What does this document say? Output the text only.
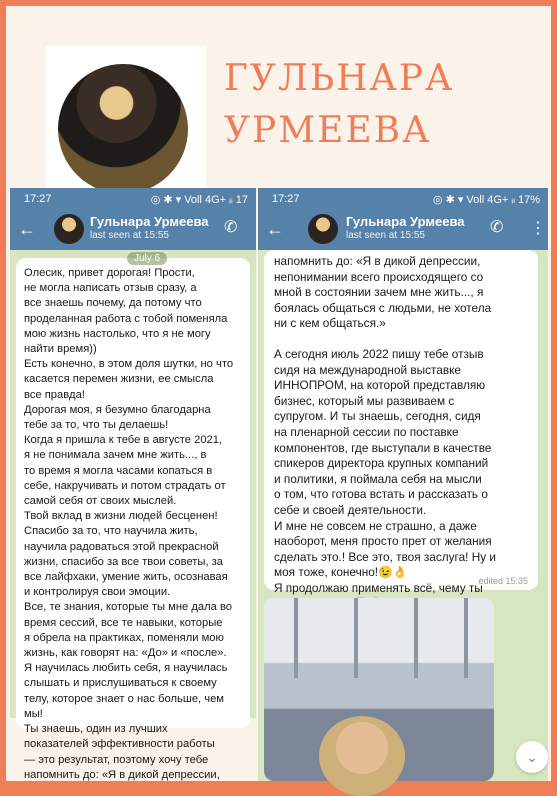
ГУЛЬНАРА
УРМЕЕВА
17:27	◎ ✱ ▾ Voll 4G+ ᵢₗ 17
←	Гульнара Урмеева
last seen at 15:55	✆
Олесик, привет дорогая! Прости,
не могла написать отзыв сразу, а
все знаешь почему, да потому что
проделанная работа с тобой поменяла
мою жизнь настолько, что я не могу
найти время))
Есть конечно, в этом доля шутки, но что
касается перемен жизни, ее смысла
все правда!
Дорогая моя, я безумно благодарна
тебе за то, что ты делаешь!
Когда я пришла к тебе в августе 2021,
я не понимала зачем мне жить..., в
то время я могла часами копаться в
себе, накручивать и потом страдать от
самой себя от своих мыслей.
Твой вклад в жизни людей бесценен!
Спасибо за то, что научила жить,
научила радоваться этой прекрасной
жизни, спасибо за все твои советы, за
все лайфхаки, умение жить, осознавая
и контролируя свои эмоции.
Все, те знания, которые ты мне дала во
время сессий, все те навыки, которые
я обрела на практиках, поменяли мою
жизнь, как говорят на: «До» и «после».
Я научилась любить себя, я научилась
слышать и прислушиваться к своему
телу, которое знает о нас больше, чем
мы!
Ты знаешь, один из лучших
показателей эффективности работы
— это результат, поэтому хочу тебе
напомнить до: «Я в дикой депрессии,
July 6
17:27	◎ ✱ ▾ Voll 4G+ ᵢₗ 17%
←	Гульнара Урмеева
last seen at 15:55	✆ ⋮
напомнить до: «Я в дикой депрессии,
непонимании всего происходящего со
мной в состоянии зачем мне жить..., я
боялась общаться с людьми, не хотела
ни с кем общаться.»
А сегодня июль 2022 пишу тебе отзыв
сидя на международной выставке
ИННОПРОМ, на которой представляю
бизнес, который мы развиваем с
супругом. И ты знаешь, сегодня, сидя
на пленарной сессии по поставке
компонентов, где выступали в качестве
спикеров директора крупных компаний
и политики, я поймала себя на мысли
о том, что готова встать и рассказать о
себе и своей деятельности.
И мне не совсем не страшно, а даже
наоборот, меня просто прет от желания
сделать это.! Все это, твоя заслуга! Ну и
моя тоже, конечно!😉👌
Я продолжаю применять всё, чему ты
edited 15:35
⌄
